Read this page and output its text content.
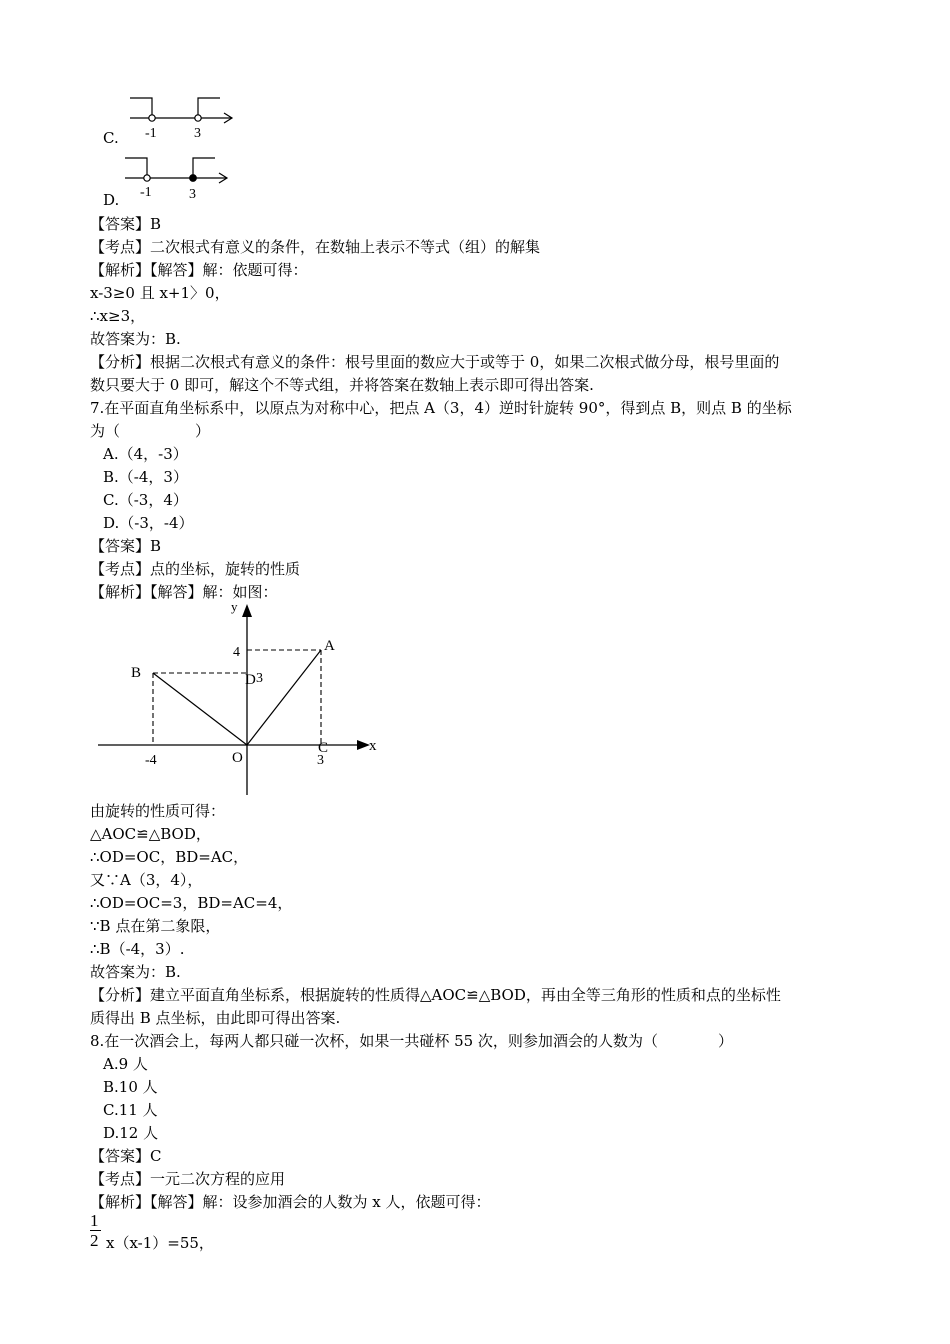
C. -1	3
D. -1	3
【答案】B
【考点】二次根式有意义的条件，在数轴上表示不等式（组）的解集
【解析】【解答】解：依题可得：
x-3≥0 且 x+1〉0，
∴x≥3，
故答案为：B.
【分析】根据二次根式有意义的条件：根号里面的数应大于或等于 0，如果二次根式做分母，根号里面的
数只要大于 0 即可，解这个不等式组，并将答案在数轴上表示即可得出答案.
7.在平面直角坐标系中，以原点为对称中心，把点 A（3，4）逆时针旋转 90°，得到点 B，则点 B 的坐标
为（　　　　　）
A.（4，-3）
B.（-4，3）
C.（-3，4）
D.（-3，-4）
【答案】B
【考点】点的坐标，旋转的性质
【解析】【解答】解：如图：
y
x
O
A
B
C
D
4
3
-4	3
由旋转的性质可得：
△AOC≌△BOD，
∴OD=OC，BD=AC，
又∵A（3，4），
∴OD=OC=3，BD=AC=4，
∵B 点在第二象限，
∴B（-4，3）.
故答案为：B.
【分析】建立平面直角坐标系，根据旋转的性质得△AOC≌△BOD，再由全等三角形的性质和点的坐标性
质得出 B 点坐标，由此即可得出答案.
8.在一次酒会上，每两人都只碰一次杯，如果一共碰杯 55 次，则参加酒会的人数为（　　　　）
A.9 人
B.10 人
C.11 人
D.12 人
【答案】C
【考点】一元二次方程的应用
【解析】【解答】解：设参加酒会的人数为 x 人，依题可得：
1
2 x（x-1）=55，
